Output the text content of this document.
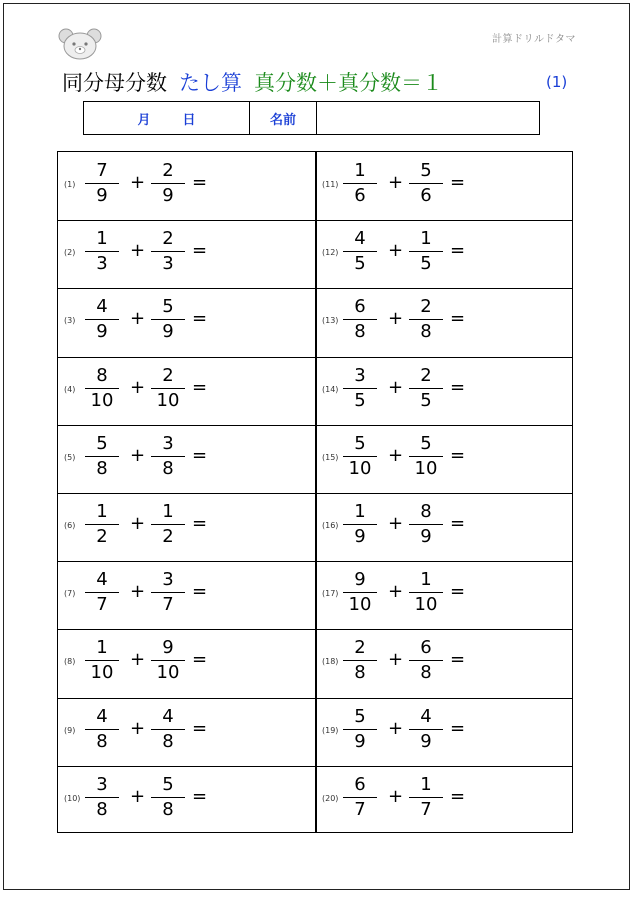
計算ドリルドタマ
同分母分数 たし算 真分数＋真分数＝１	(1)
月 日	名前
(1)
7
9
+
2
9
=
(2)
1
3
+
2
3
=
(3)
4
9
+
5
9
=
(4)
8
10
+
2
10
=
(5)
5
8
+
3
8
=
(6)
1
2
+
1
2
=
(7)
4
7
+
3
7
=
(8)
1
10
+
9
10
=
(9)
4
8
+
4
8
=
(10)
3
8
+
5
8
=
(11)
1
6
+
5
6
=
(12)
4
5
+
1
5
=
(13)
6
8
+
2
8
=
(14)
3
5
+
2
5
=
(15)
5
10
+
5
10
=
(16)
1
9
+
8
9
=
(17)
9
10
+
1
10
=
(18)
2
8
+
6
8
=
(19)
5
9
+
4
9
=
(20)
6
7
+
1
7
=
